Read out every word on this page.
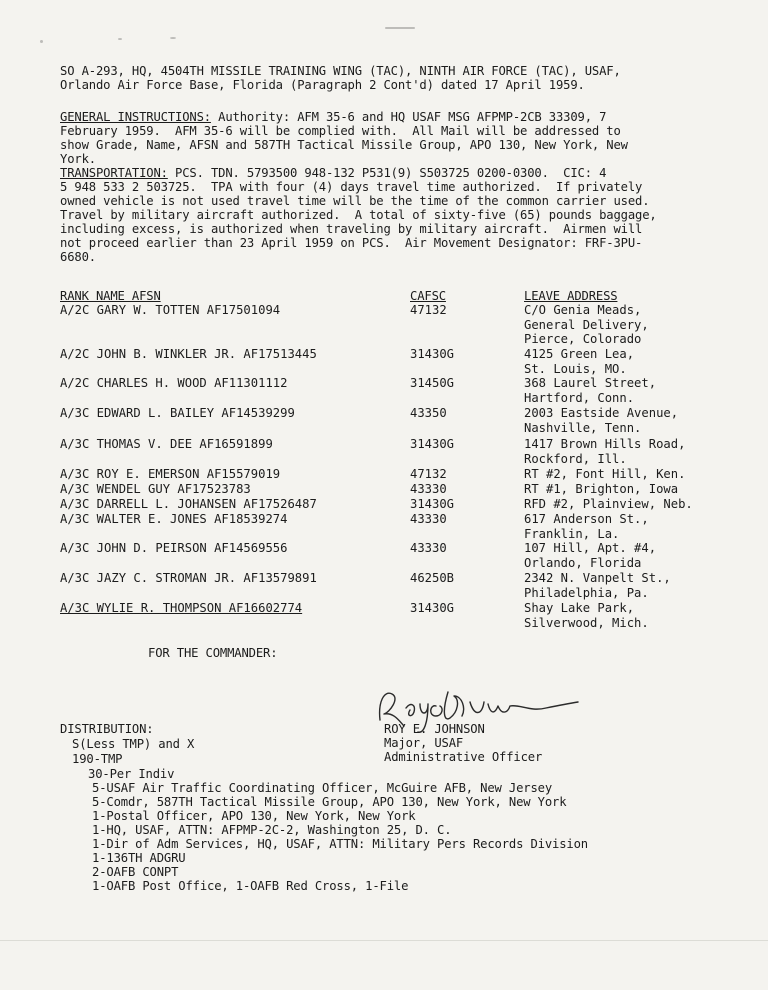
SO A-293, HQ, 4504TH MISSILE TRAINING WING (TAC), NINTH AIR FORCE (TAC), USAF,
Orlando Air Force Base, Florida (Paragraph 2 Cont'd) dated 17 April 1959.
GENERAL INSTRUCTIONS: Authority: AFM 35-6 and HQ USAF MSG AFPMP-2CB 33309, 7
February 1959.  AFM 35-6 will be complied with.  All Mail will be addressed to
show Grade, Name, AFSN and 587TH Tactical Missile Group, APO 130, New York, New
York.
TRANSPORTATION: PCS. TDN. 5793500 948-132 P531(9) S503725 0200-0300.  CIC: 4
5 948 533 2 503725.  TPA with four (4) days travel time authorized.  If privately
owned vehicle is not used travel time will be the time of the common carrier used.
Travel by military aircraft authorized.  A total of sixty-five (65) pounds baggage,
including excess, is authorized when traveling by military aircraft.  Airmen will
not proceed earlier than 23 April 1959 on PCS.  Air Movement Designator: FRF-3PU-
6680.
RANK NAME AFSN	CAFSC	LEAVE ADDRESS
A/2C GARY W. TOTTEN AF17501094	47132	C/O Genia Meads,
General Delivery,
Pierce, Colorado
A/2C JOHN B. WINKLER JR. AF17513445	31430G	4125 Green Lea,
St. Louis, MO.
A/2C CHARLES H. WOOD AF11301112	31450G	368 Laurel Street,
Hartford, Conn.
A/3C EDWARD L. BAILEY AF14539299	43350	2003 Eastside Avenue,
Nashville, Tenn.
A/3C THOMAS V. DEE AF16591899	31430G	1417 Brown Hills Road,
Rockford, Ill.
A/3C ROY E. EMERSON AF15579019	47132	RT #2, Font Hill, Ken.
A/3C WENDEL GUY AF17523783	43330	RT #1, Brighton, Iowa
A/3C DARRELL L. JOHANSEN AF17526487	31430G	RFD #2, Plainview, Neb.
A/3C WALTER E. JONES AF18539274	43330	617 Anderson St.,
Franklin, La.
A/3C JOHN D. PEIRSON AF14569556	43330	107 Hill, Apt. #4,
Orlando, Florida
A/3C JAZY C. STROMAN JR. AF13579891	46250B	2342 N. Vanpelt St.,
Philadelphia, Pa.
A/3C WYLIE R. THOMPSON AF16602774	31430G	Shay Lake Park,
Silverwood, Mich.
FOR THE COMMANDER:
ROY E. JOHNSON
Major, USAF
Administrative Officer
DISTRIBUTION:
S(Less TMP) and X
190-TMP
30-Per Indiv
5-USAF Air Traffic Coordinating Officer, McGuire AFB, New Jersey
5-Comdr, 587TH Tactical Missile Group, APO 130, New York, New York
1-Postal Officer, APO 130, New York, New York
1-HQ, USAF, ATTN: AFPMP-2C-2, Washington 25, D. C.
1-Dir of Adm Services, HQ, USAF, ATTN: Military Pers Records Division
1-136TH ADGRU
2-OAFB CONPT
1-OAFB Post Office, 1-OAFB Red Cross, 1-File
